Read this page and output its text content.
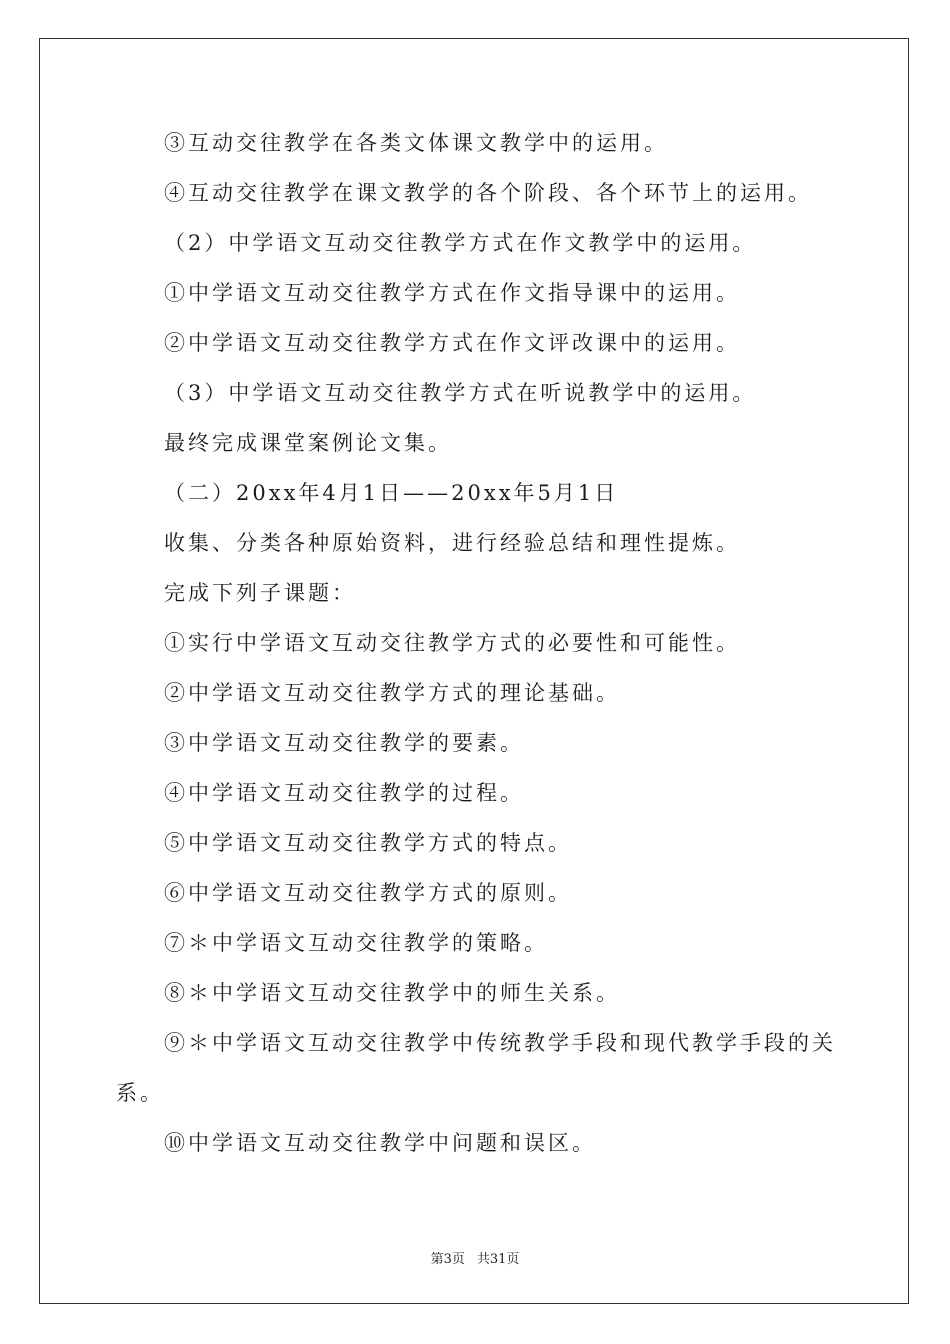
③互动交往教学在各类文体课文教学中的运用。
④互动交往教学在课文教学的各个阶段、各个环节上的运用。
（2）中学语文互动交往教学方式在作文教学中的运用。
①中学语文互动交往教学方式在作文指导课中的运用。
②中学语文互动交往教学方式在作文评改课中的运用。
（3）中学语文互动交往教学方式在听说教学中的运用。
最终完成课堂案例论文集。
（二）20xx年4月1日——20xx年5月1日
收集、分类各种原始资料，进行经验总结和理性提炼。
完成下列子课题：
①实行中学语文互动交往教学方式的必要性和可能性。
②中学语文互动交往教学方式的理论基础。
③中学语文互动交往教学的要素。
④中学语文互动交往教学的过程。
⑤中学语文互动交往教学方式的特点。
⑥中学语文互动交往教学方式的原则。
⑦＊中学语文互动交往教学的策略。
⑧＊中学语文互动交往教学中的师生关系。
⑨＊中学语文互动交往教学中传统教学手段和现代教学手段的关
系。
⑩中学语文互动交往教学中问题和误区。
第3页 共31页
